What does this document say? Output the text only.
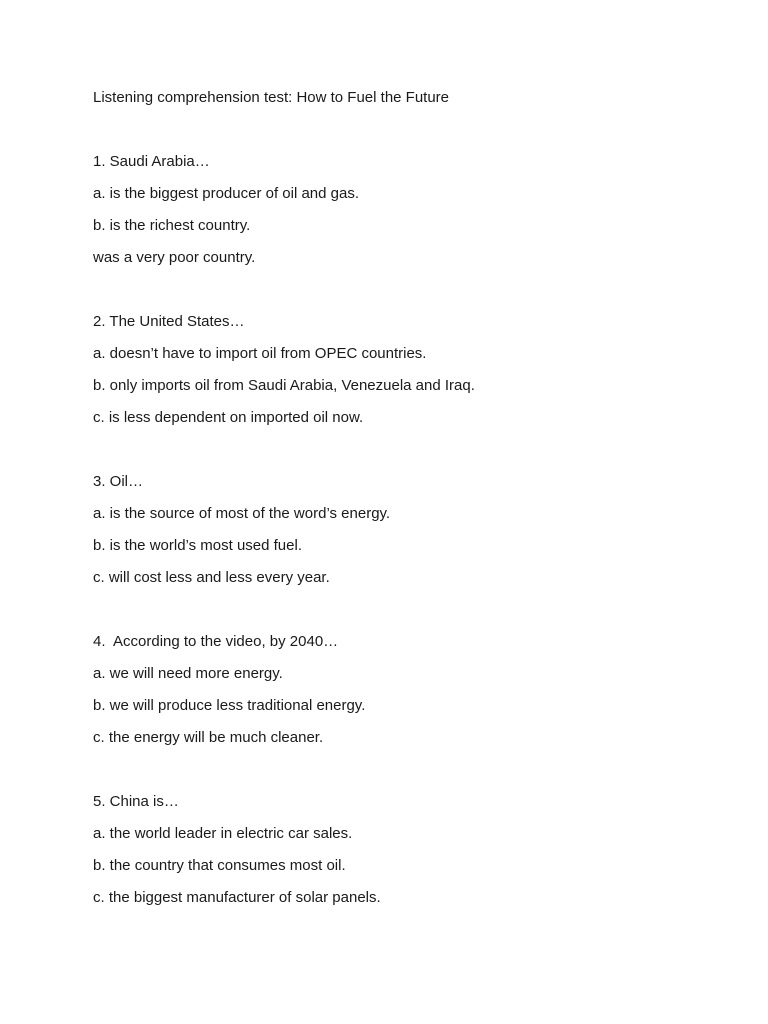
Listening comprehension test: How to Fuel the Future

1. Saudi Arabia…

a. is the biggest producer of oil and gas.

b. is the richest country.

was a very poor country.

2. The United States…

a. doesn’t have to import oil from OPEC countries.

b. only imports oil from Saudi Arabia, Venezuela and Iraq.

c. is less dependent on imported oil now.

3. Oil…

a. is the source of most of the word’s energy.

b. is the world’s most used fuel.

c. will cost less and less every year.

4.  According to the video, by 2040…

a. we will need more energy.

b. we will produce less traditional energy.

c. the energy will be much cleaner.

5. China is…

a. the world leader in electric car sales.

b. the country that consumes most oil.

c. the biggest manufacturer of solar panels.
